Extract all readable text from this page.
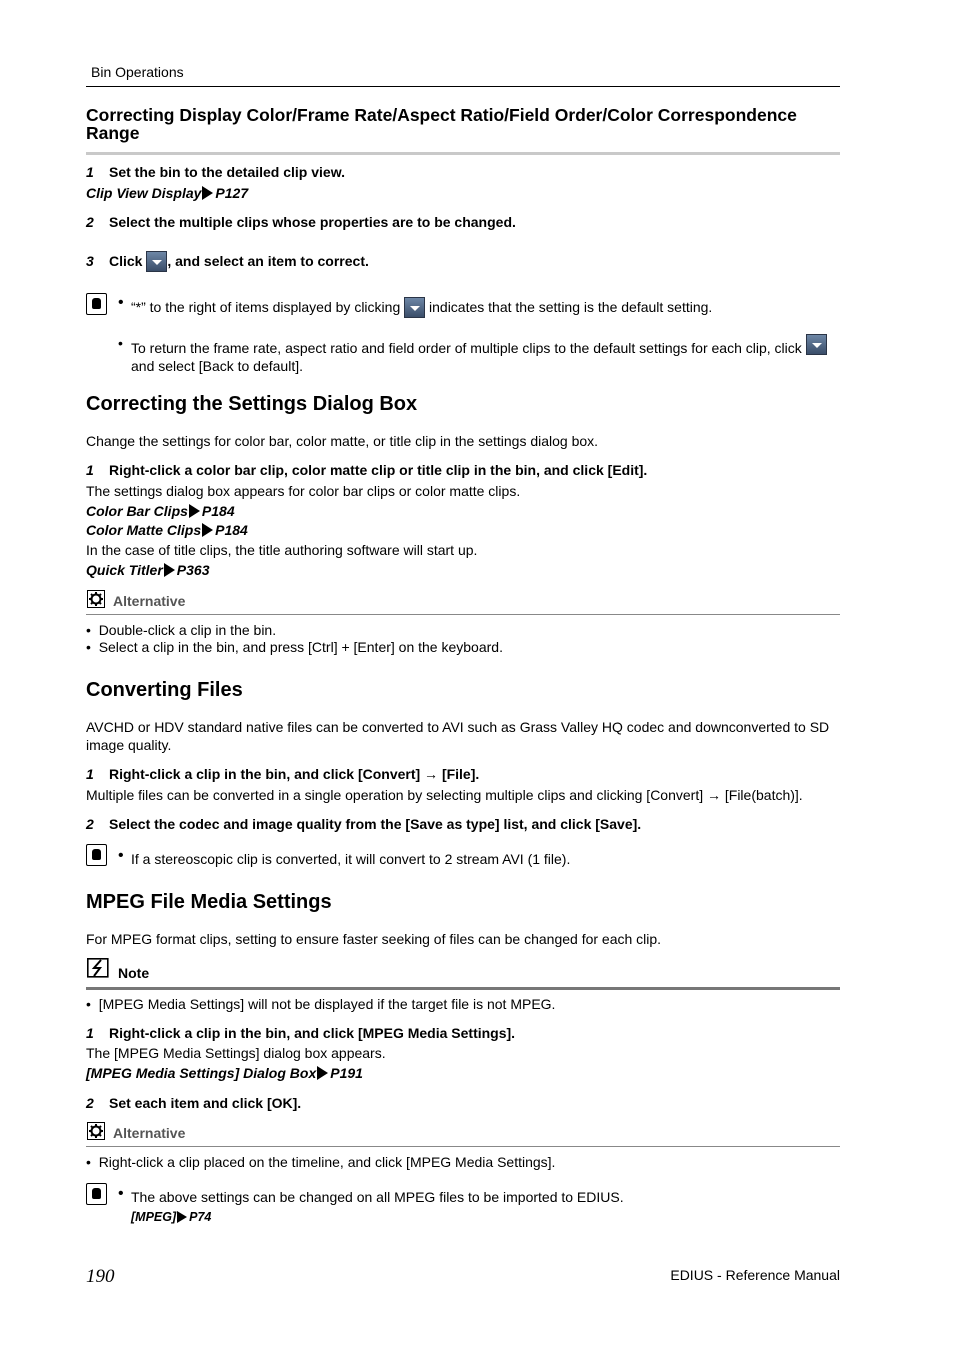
Bin Operations
Correcting Display Color/Frame Rate/Aspect Ratio/Field Order/Color Correspondence Range
1 Set the bin to the detailed clip view.
Clip View Display P127
2 Select the multiple clips whose properties are to be changed.
3 Click , and select an item to correct.
• “*” to the right of items displayed by clicking  indicates that the setting is the default setting.
• To return the frame rate, aspect ratio and field order of multiple clips to the default settings for each clip, click
and select [Back to default].
Correcting the Settings Dialog Box
Change the settings for color bar, color matte, or title clip in the settings dialog box.
1 Right-click a color bar clip, color matte clip or title clip in the bin, and click [Edit].
The settings dialog box appears for color bar clips or color matte clips.
Color Bar Clips P184
Color Matte Clips P184
In the case of title clips, the title authoring software will start up.
Quick Titler P363
Alternative
•  Double-click a clip in the bin.
•  Select a clip in the bin, and press [Ctrl] + [Enter] on the keyboard.
Converting Files
AVCHD or HDV standard native files can be converted to AVI such as Grass Valley HQ codec and downconverted to SD image quality.
1 Right-click a clip in the bin, and click [Convert] → [File].
Multiple files can be converted in a single operation by selecting multiple clips and clicking [Convert] → [File(batch)].
2 Select the codec and image quality from the [Save as type] list, and click [Save].
• If a stereoscopic clip is converted, it will convert to 2 stream AVI (1 file).
MPEG File Media Settings
For MPEG format clips, setting to ensure faster seeking of files can be changed for each clip.
Note
•  [MPEG Media Settings] will not be displayed if the target file is not MPEG.
1 Right-click a clip in the bin, and click [MPEG Media Settings].
The [MPEG Media Settings] dialog box appears.
[MPEG Media Settings] Dialog Box P191
2 Set each item and click [OK].
Alternative
•  Right-click a clip placed on the timeline, and click [MPEG Media Settings].
• The above settings can be changed on all MPEG files to be imported to EDIUS.
[MPEG] P74
190	EDIUS - Reference Manual
